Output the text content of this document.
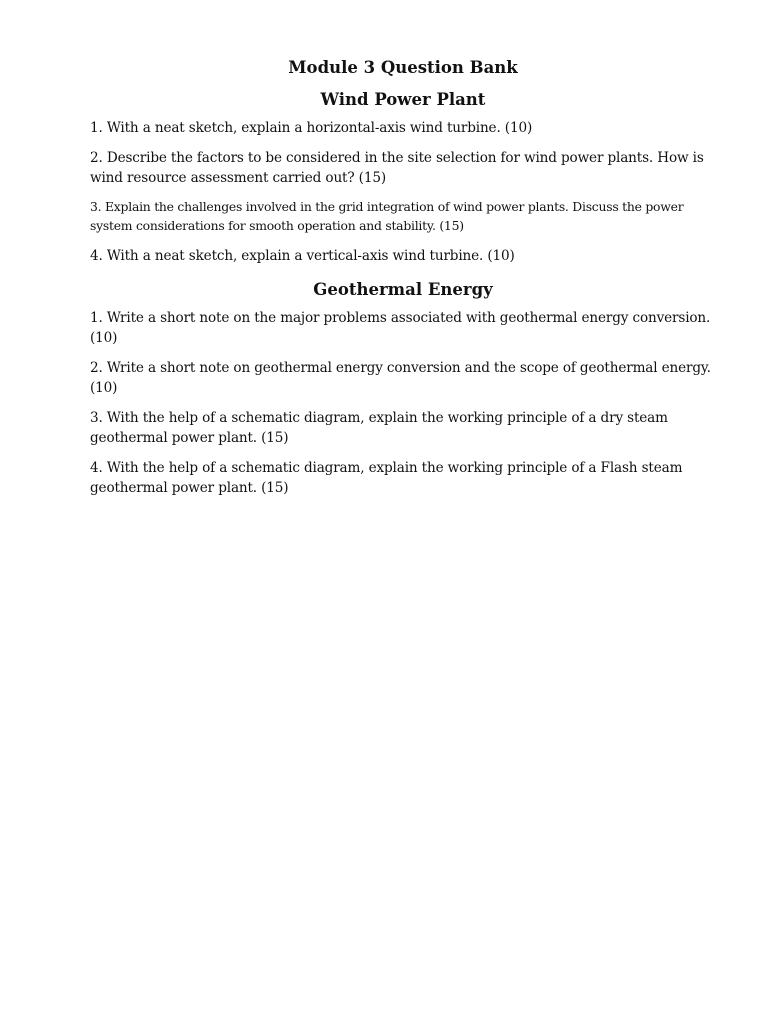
Module 3 Question Bank
Wind Power Plant

1. With a neat sketch, explain a horizontal-axis wind turbine. (10)

2. Describe the factors to be considered in the site selection for wind power plants. How is wind resource assessment carried out? (15)

3. Explain the challenges involved in the grid integration of wind power plants. Discuss the power system considerations for smooth operation and stability. (15)

4. With a neat sketch, explain a vertical-axis wind turbine. (10)

Geothermal Energy

1. Write a short note on the major problems associated with geothermal energy conversion. (10)

2. Write a short note on geothermal energy conversion and the scope of geothermal energy. (10)

3. With the help of a schematic diagram, explain the working principle of a dry steam geothermal power plant. (15)

4. With the help of a schematic diagram, explain the working principle of a Flash steam geothermal power plant. (15)
